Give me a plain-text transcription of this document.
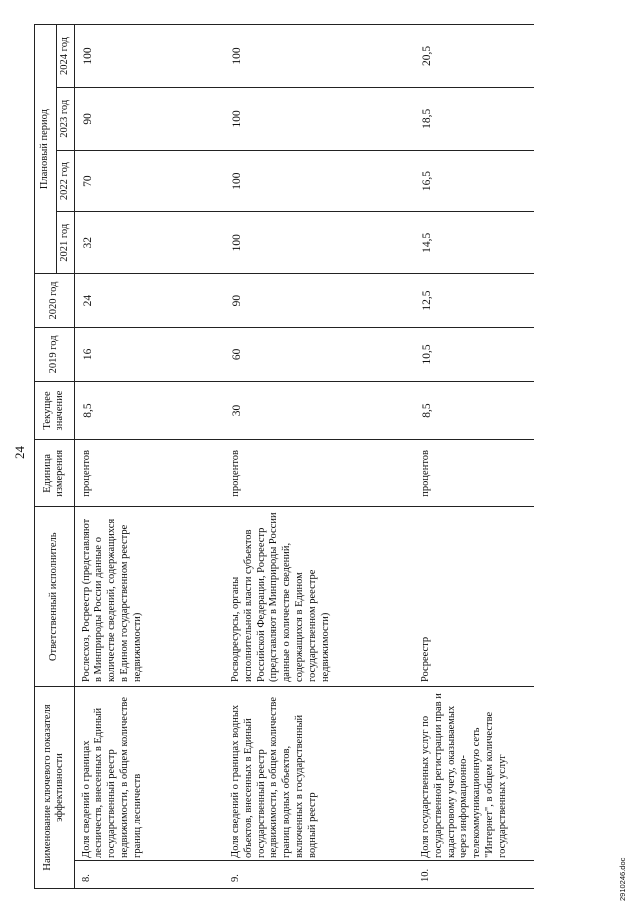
24
Наименование ключевого показателя эффективности		Ответственный исполнитель	Единица измерения	Текущее значение	2019 год	2020 год	Плановый период			
							2021 год	2022 год	2023 год	2024 год
8.	Доля сведений о границах лесничеств, внесенных в Единый государственный реестр недвижимости, в общем количестве границ лесничеств	Рослесхоз, Росреестр (представляют в Минприроды России данные о количестве сведений, содержащихся в Едином государственном реестре недвижимости)	процентов	8,5	16	24	32	70	90	100
9.	Доля сведений о границах водных объектов, внесенных в Единый государственный реестр недвижимости, в общем количестве границ водных объектов, включенных в государственный водный реестр	Росводресурсы, органы исполнительной власти субъектов Российской Федерации, Росреестр (представляют в Минприроды России данные о количестве сведений, содержащихся в Едином государственном реестре недвижимости)	процентов	30	60	90	100	100	100	100
10.	Доля государственных услуг по государственной регистрации прав и кадастровому учету, оказываемых через информационно-телекоммуникационную сеть "Интернет", в общем количестве государственных услуг	Росреестр	процентов	8,5	10,5	12,5	14,5	16,5	18,5	20,5
2910246.doc
